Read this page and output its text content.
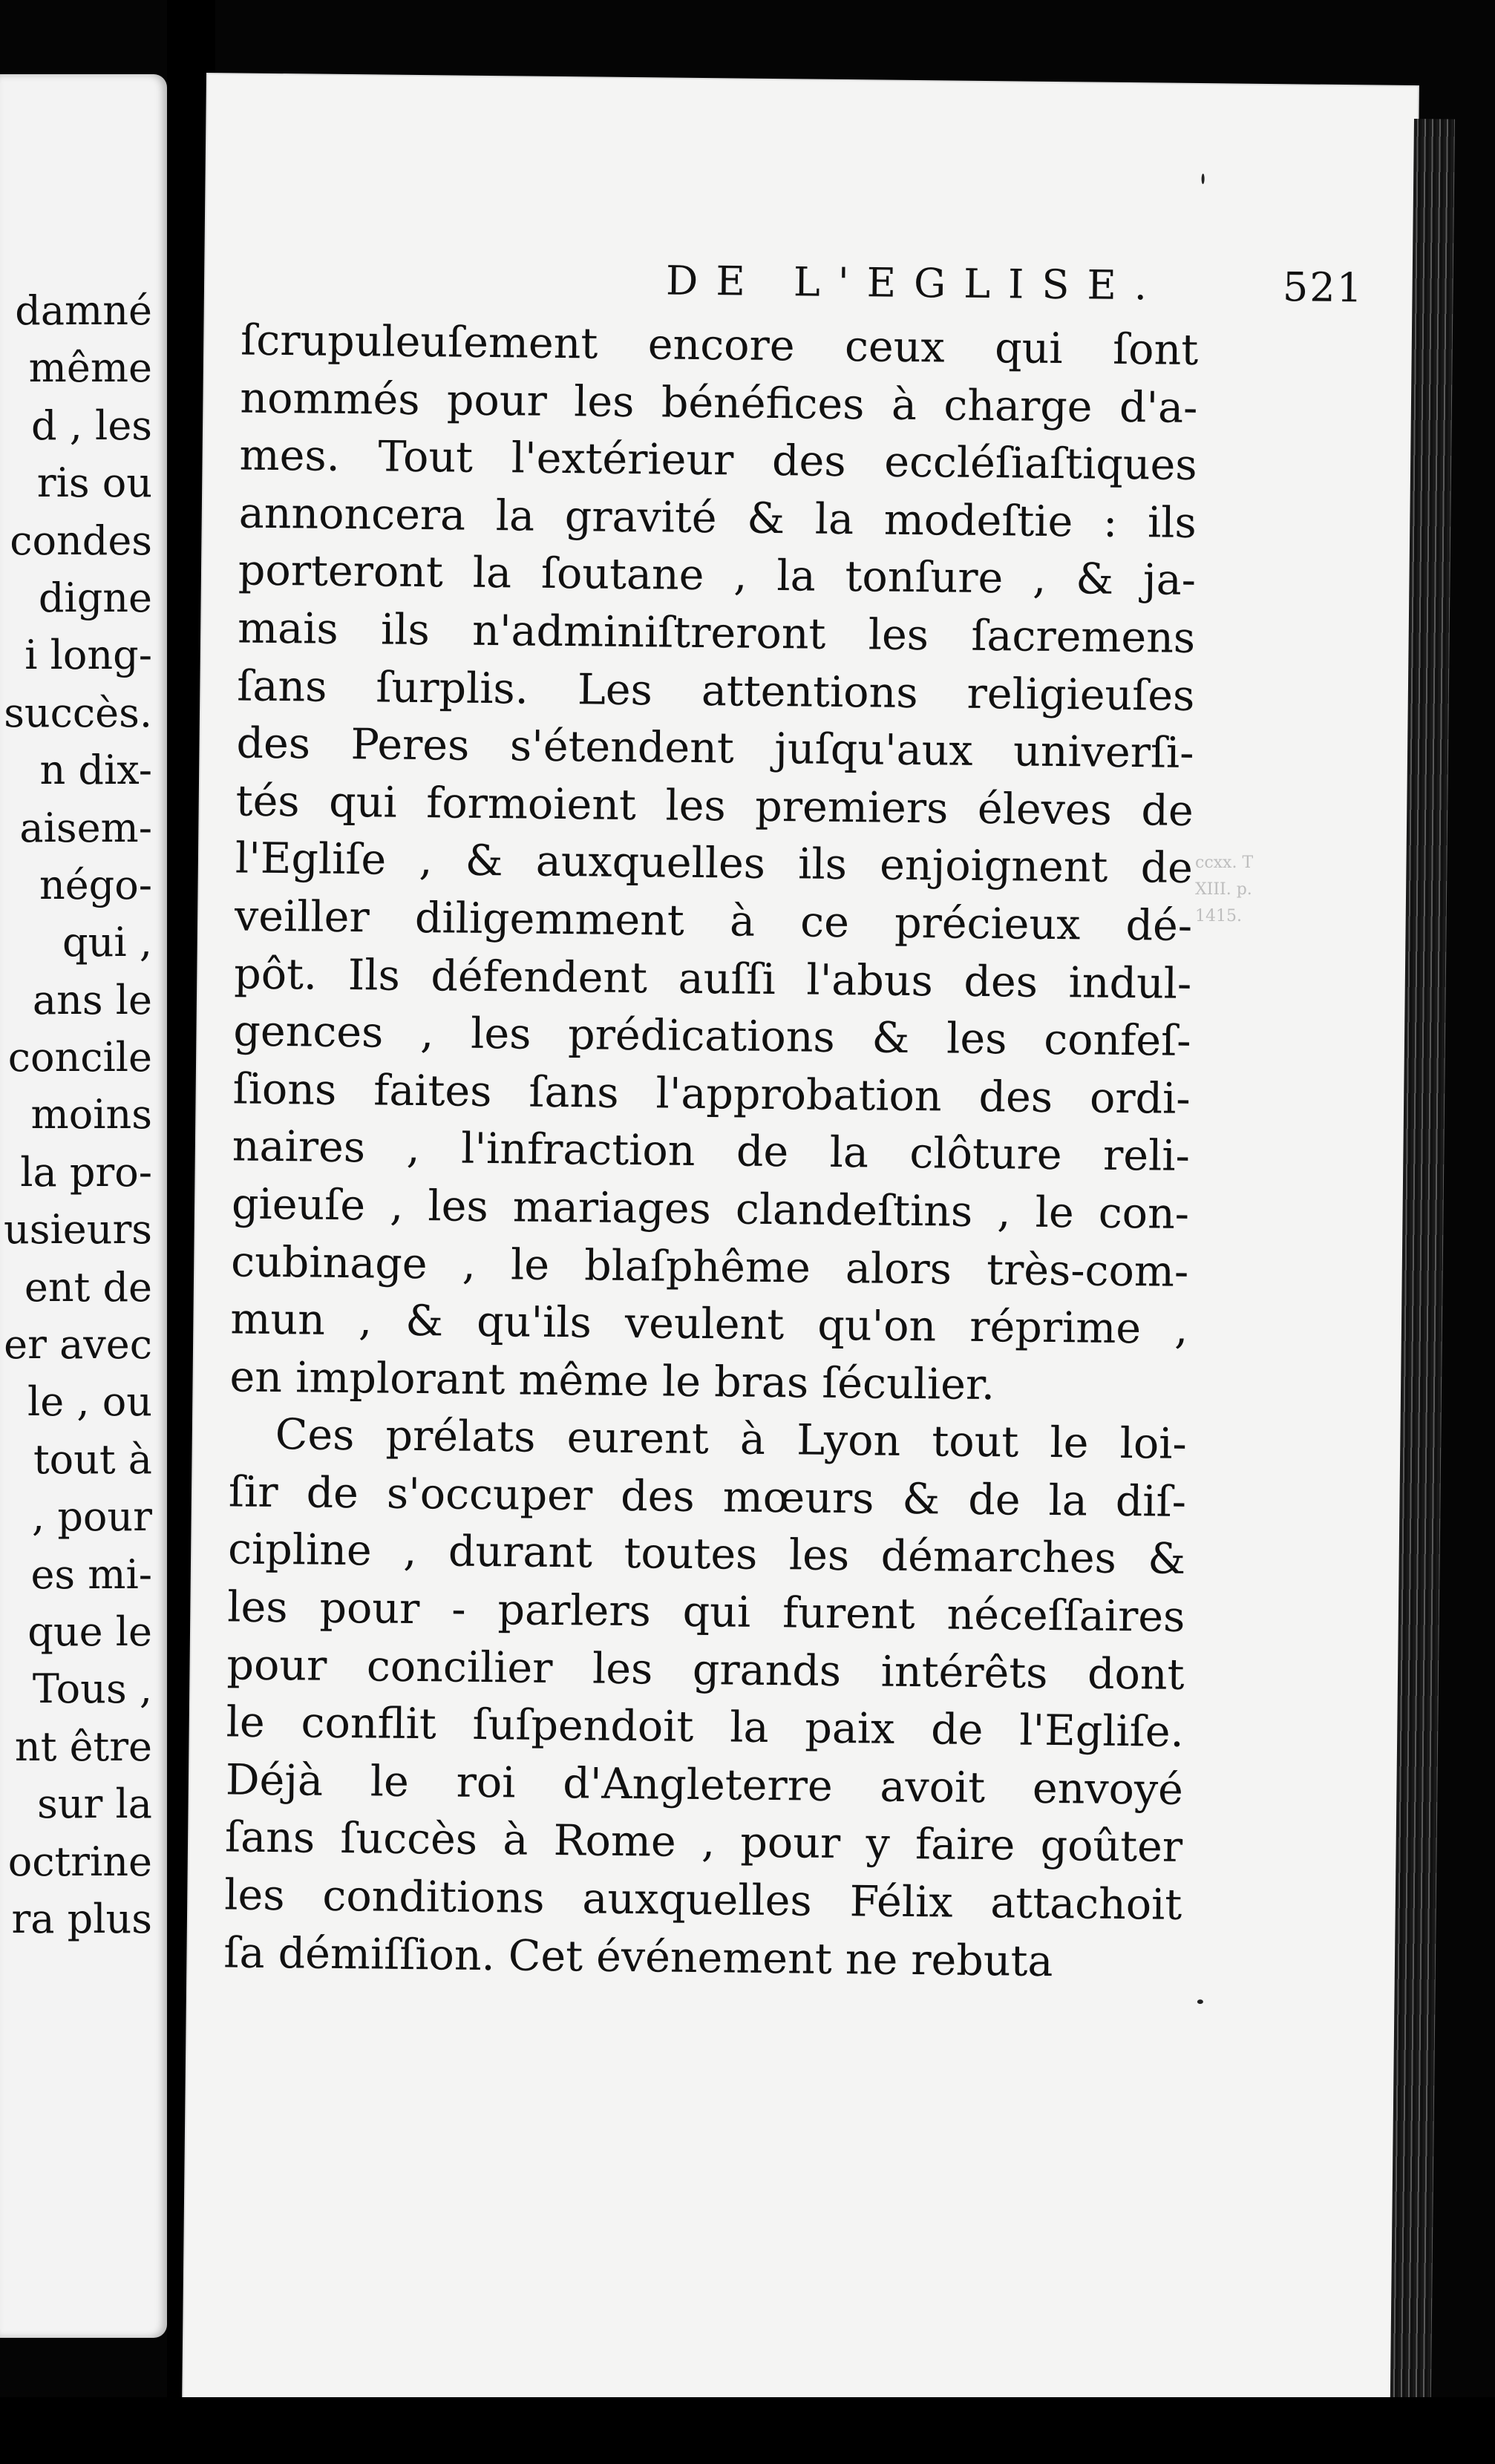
damné
même
d , les
ris ou
condes
digne
i long-
succès.
n dix-
aisem-
négo-
qui ,
ans le
concile
moins
la pro-
usieurs
ent de
er avec
le , ou
tout à
, pour
es mi-
que le
Tous ,
nt être
sur la
octrine
ra plus
DE L'EGLISE.	521
ſcrupuleuſement encore ceux qui ſont
nommés pour les bénéfices à charge d'a-
mes. Tout l'extérieur des eccléſiaſtiques
annoncera la gravité & la modeſtie : ils
porteront la ſoutane , la tonſure , & ja-
mais ils n'adminiſtreront les ſacremens
ſans ſurplis. Les attentions religieuſes
des Peres s'étendent juſqu'aux univerſi-
tés qui formoient les premiers éleves de
l'Egliſe , & auxquelles ils enjoignent de
veiller diligemment à ce précieux dé-
pôt. Ils défendent auſſi l'abus des indul-
gences , les prédications & les confeſ-
ſions faites ſans l'approbation des ordi-
naires , l'infraction de la clôture reli-
gieuſe , les mariages clandeſtins , le con-
cubinage , le blaſphême alors très-com-
mun , & qu'ils veulent qu'on réprime ,
en implorant même le bras ſéculier.
Ces prélats eurent à Lyon tout le loi-
ſir de s'occuper des mœurs & de la diſ-
cipline , durant toutes les démarches &
les pour - parlers qui furent néceſſaires
pour concilier les grands intérêts dont
le conflit ſuſpendoit la paix de l'Egliſe.
Déjà le roi d'Angleterre avoit envoyé
ſans ſuccès à Rome , pour y faire goûter
les conditions auxquelles Félix attachoit
ſa démiſſion. Cet événement ne rebuta
ccxx. T
XIII. p.
1415.
